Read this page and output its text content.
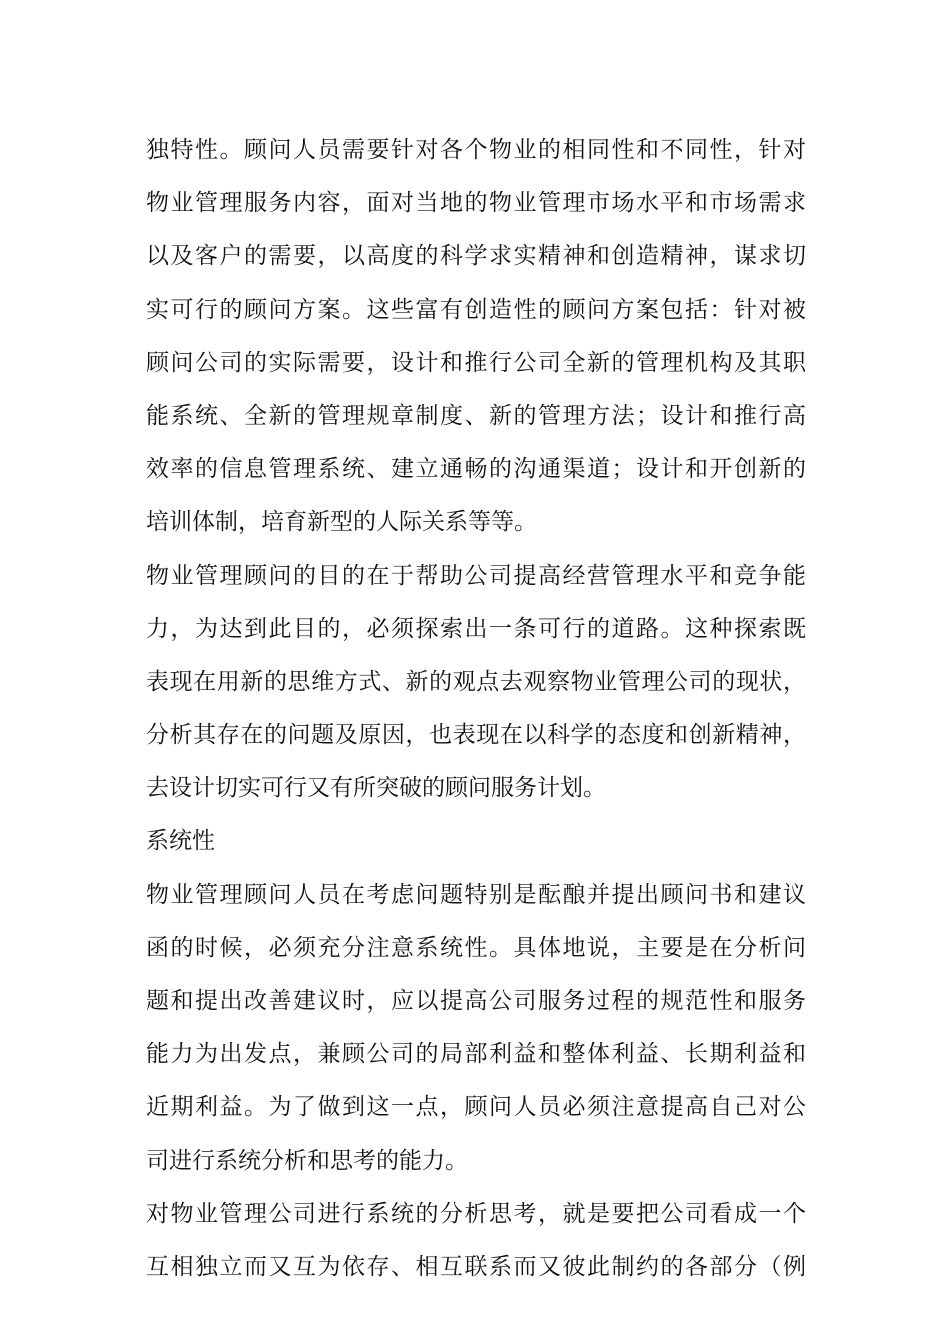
独特性。顾问人员需要针对各个物业的相同性和不同性，针对
物业管理服务内容，面对当地的物业管理市场水平和市场需求
以及客户的需要，以高度的科学求实精神和创造精神，谋求切
实可行的顾问方案。这些富有创造性的顾问方案包括：针对被
顾问公司的实际需要，设计和推行公司全新的管理机构及其职
能系统、全新的管理规章制度、新的管理方法；设计和推行高
效率的信息管理系统、建立通畅的沟通渠道；设计和开创新的
培训体制，培育新型的人际关系等等。
物业管理顾问的目的在于帮助公司提高经营管理水平和竞争能
力，为达到此目的，必须探索出一条可行的道路。这种探索既
表现在用新的思维方式、新的观点去观察物业管理公司的现状，
分析其存在的问题及原因，也表现在以科学的态度和创新精神，
去设计切实可行又有所突破的顾问服务计划。
系统性
物业管理顾问人员在考虑问题特别是酝酿并提出顾问书和建议
函的时候，必须充分注意系统性。具体地说，主要是在分析问
题和提出改善建议时，应以提高公司服务过程的规范性和服务
能力为出发点，兼顾公司的局部利益和整体利益、长期利益和
近期利益。为了做到这一点，顾问人员必须注意提高自己对公
司进行系统分析和思考的能力。
对物业管理公司进行系统的分析思考，就是要把公司看成一个
互相独立而又互为依存、相互联系而又彼此制约的各部分（例
